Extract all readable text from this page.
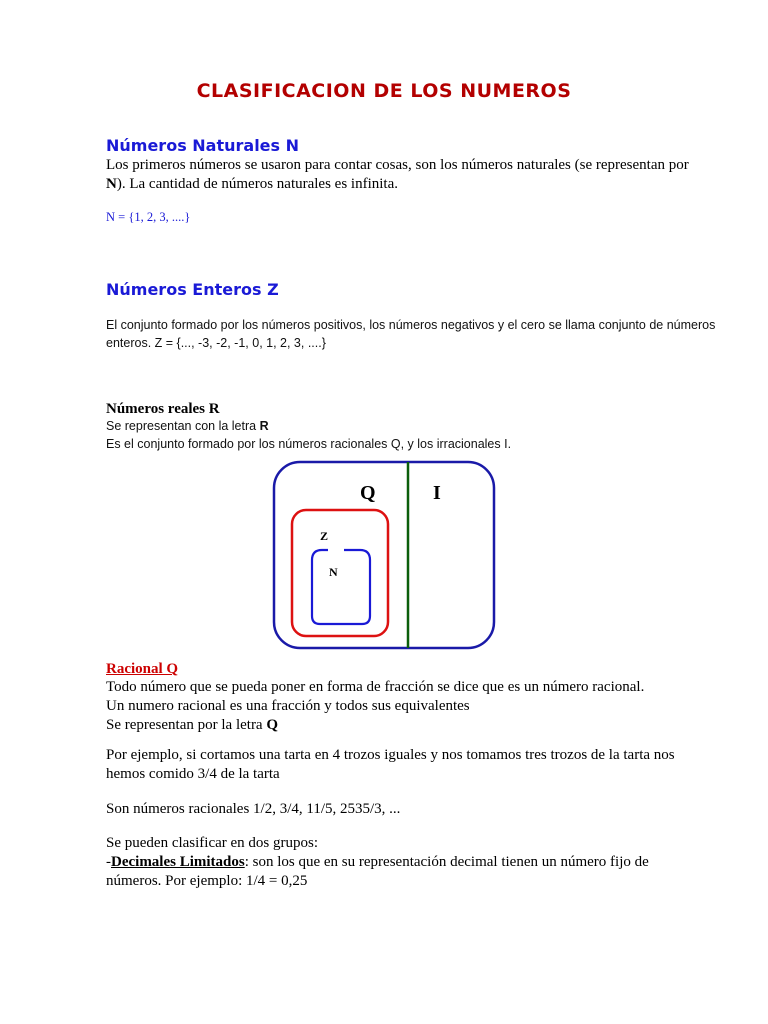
CLASIFICACION DE LOS NUMEROS
Números Naturales N

Los primeros números se usaron para contar cosas, son los números naturales (se representan por N). La cantidad de números naturales es infinita.

N = {1, 2, 3, ....}

Números Enteros Z

El conjunto formado por los números positivos, los números negativos y el cero se llama conjunto de números enteros. Z = {..., -3, -2, -1, 0, 1, 2, 3, ....}

Números reales R

Se representan con la letra R
Es el conjunto formado por los números racionales Q, y los irracionales I.

Q	I
Z
N
Racional Q

Todo número que se pueda poner en forma de fracción se dice que es un número racional.
Un numero racional es una fracción y todos sus equivalentes
Se representan por la letra Q

Por ejemplo, si cortamos una tarta en 4 trozos iguales y nos tomamos tres trozos de la tarta nos hemos comido 3/4 de la tarta

Son números racionales 1/2, 3/4, 11/5, 2535/3, ...

Se pueden clasificar en dos grupos:
-Decimales Limitados: son los que en su representación decimal tienen un número fijo de números. Por ejemplo: 1/4 = 0,25
